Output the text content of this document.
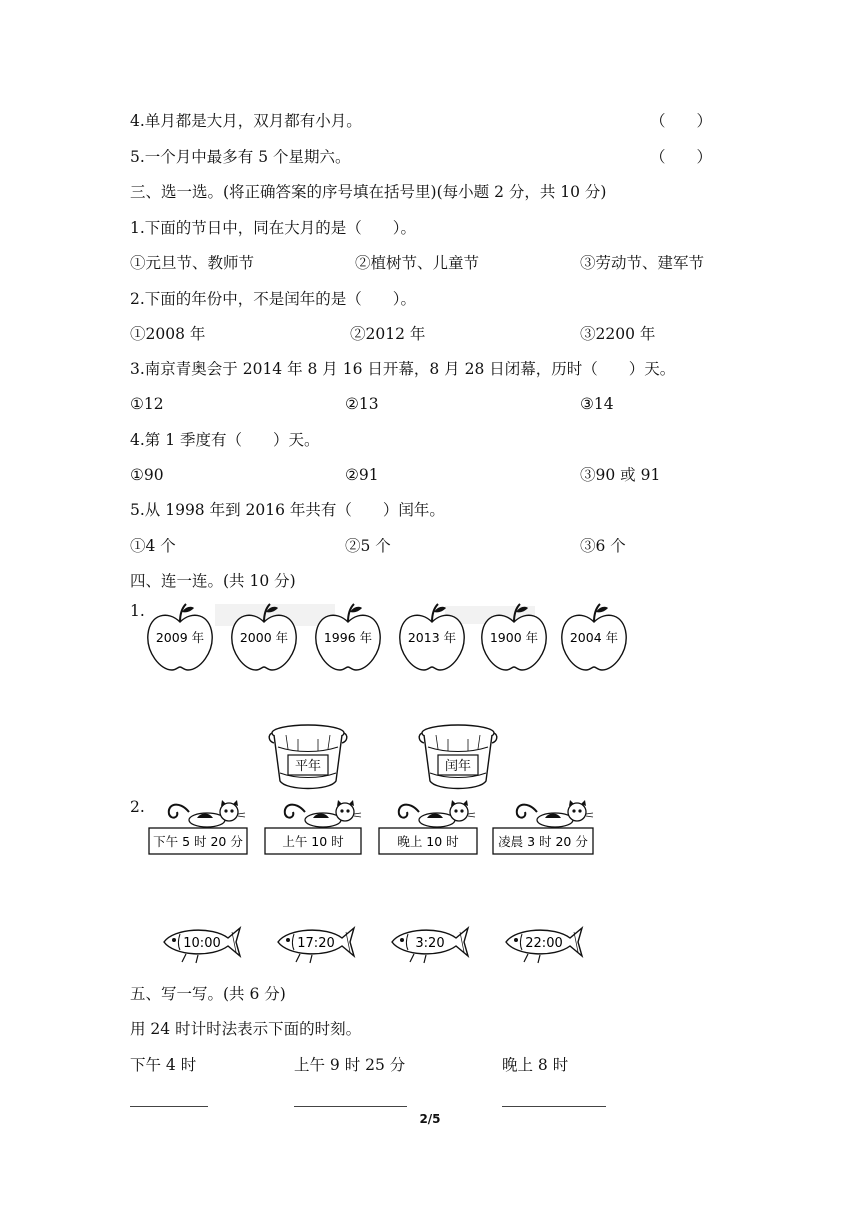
4.单月都是大月，双月都有小月。	（　　）
5.一个月中最多有 5 个星期六。	（　　）
三、选一选。(将正确答案的序号填在括号里)(每小题 2 分，共 10 分)
1.下面的节日中，同在大月的是（　　）。
①元旦节、教师节	②植树节、儿童节	③劳动节、建军节
2.下面的年份中，不是闰年的是（　　）。
①2008 年	②2012 年	③2200 年
3.南京青奥会于 2014 年 8 月 16 日开幕，8 月 28 日闭幕，历时（　　）天。
①12	②13	③14
4.第 1 季度有（　　）天。
①90	②91	③90 或 91
5.从 1998 年到 2016 年共有（　　）闰年。
①4 个	②5 个	③6 个
四、连一连。(共 10 分)
1.
2009 年	2000 年	1996 年	2013 年	1900 年	2004 年
平年	闰年
2.
下午 5 时 20 分	上午 10 时	晚上 10 时	凌晨 3 时 20 分
10:00	17:20	3:20	22:00
五、写一写。(共 6 分)
用 24 时计时法表示下面的时刻。
下午 4 时	上午 9 时 25 分	晚上 8 时
2/5
